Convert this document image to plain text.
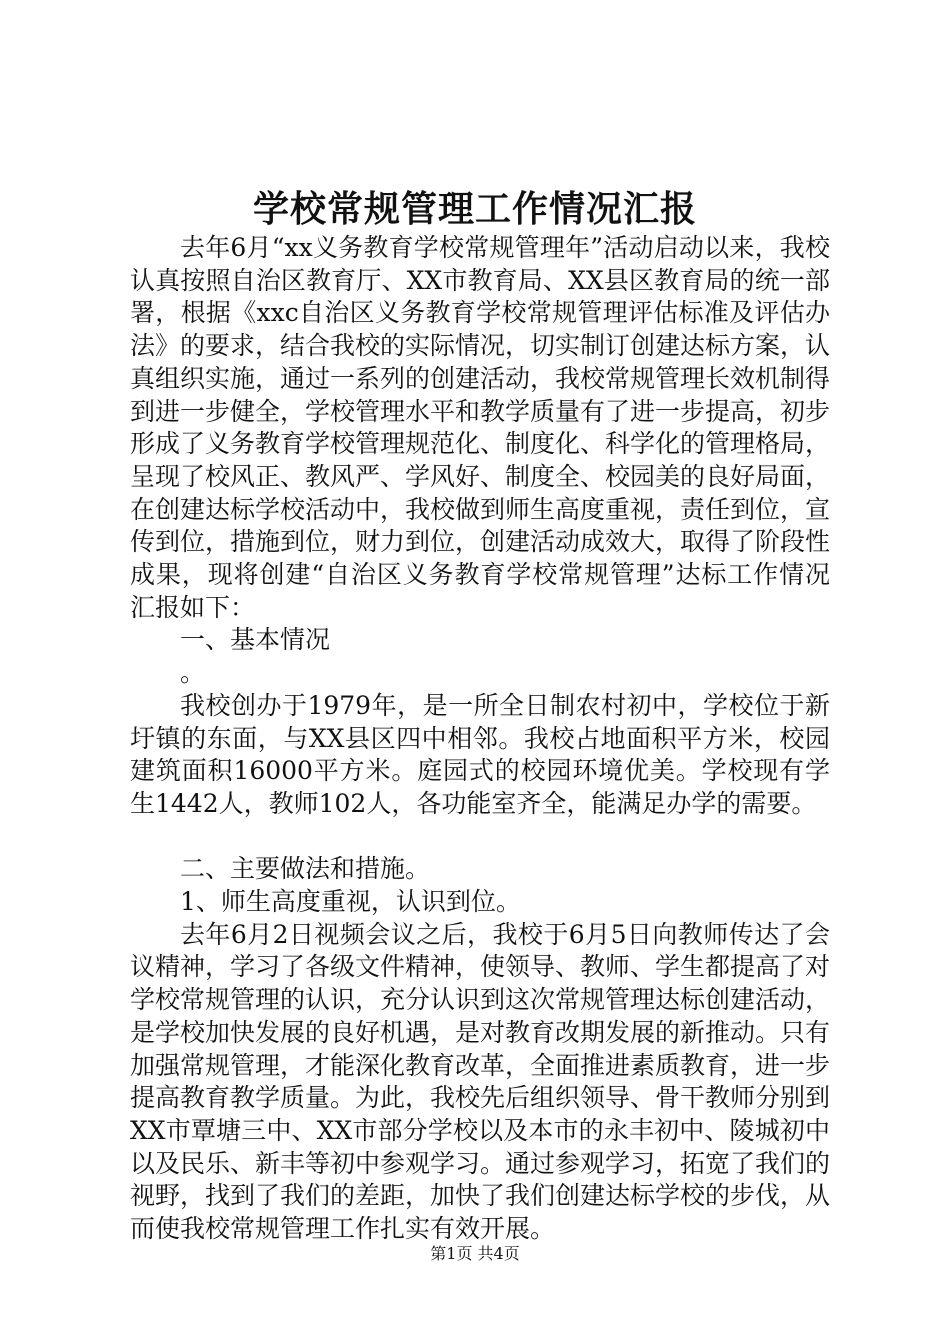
学校常规管理工作情况汇报

去年6月“xx义务教育学校常规管理年”活动启动以来，我校认真按照自治区教育厅、XX市教育局、XX县区教育局的统一部署，根据《xxc自治区义务教育学校常规管理评估标准及评估办法》的要求，结合我校的实际情况，切实制订创建达标方案，认真组织实施，通过一系列的创建活动，我校常规管理长效机制得到进一步健全，学校管理水平和教学质量有了进一步提高，初步形成了义务教育学校管理规范化、制度化、科学化的管理格局，呈现了校风正、教风严、学风好、制度全、校园美的良好局面，在创建达标学校活动中，我校做到师生高度重视，责任到位，宣传到位，措施到位，财力到位，创建活动成效大，取得了阶段性成果，现将创建“自治区义务教育学校常规管理”达标工作情况汇报如下：

一、基本情况

。

我校创办于1979年，是一所全日制农村初中，学校位于新圩镇的东面，与XX县区四中相邻。我校占地面积平方米，校园建筑面积16000平方米。庭园式的校园环境优美。学校现有学生1442人，教师102人，各功能室齐全，能满足办学的需要。

二、主要做法和措施。

1、师生高度重视，认识到位。

去年6月2日视频会议之后，我校于6月5日向教师传达了会议精神，学习了各级文件精神，使领导、教师、学生都提高了对学校常规管理的认识，充分认识到这次常规管理达标创建活动，是学校加快发展的良好机遇，是对教育改期发展的新推动。只有加强常规管理，才能深化教育改革，全面推进素质教育，进一步提高教育教学质量。为此，我校先后组织领导、骨干教师分别到XX市覃塘三中、XX市部分学校以及本市的永丰初中、陵城初中以及民乐、新丰等初中参观学习。通过参观学习，拓宽了我们的视野，找到了我们的差距，加快了我们创建达标学校的步伐，从而使我校常规管理工作扎实有效开展。

第1页 共4页
